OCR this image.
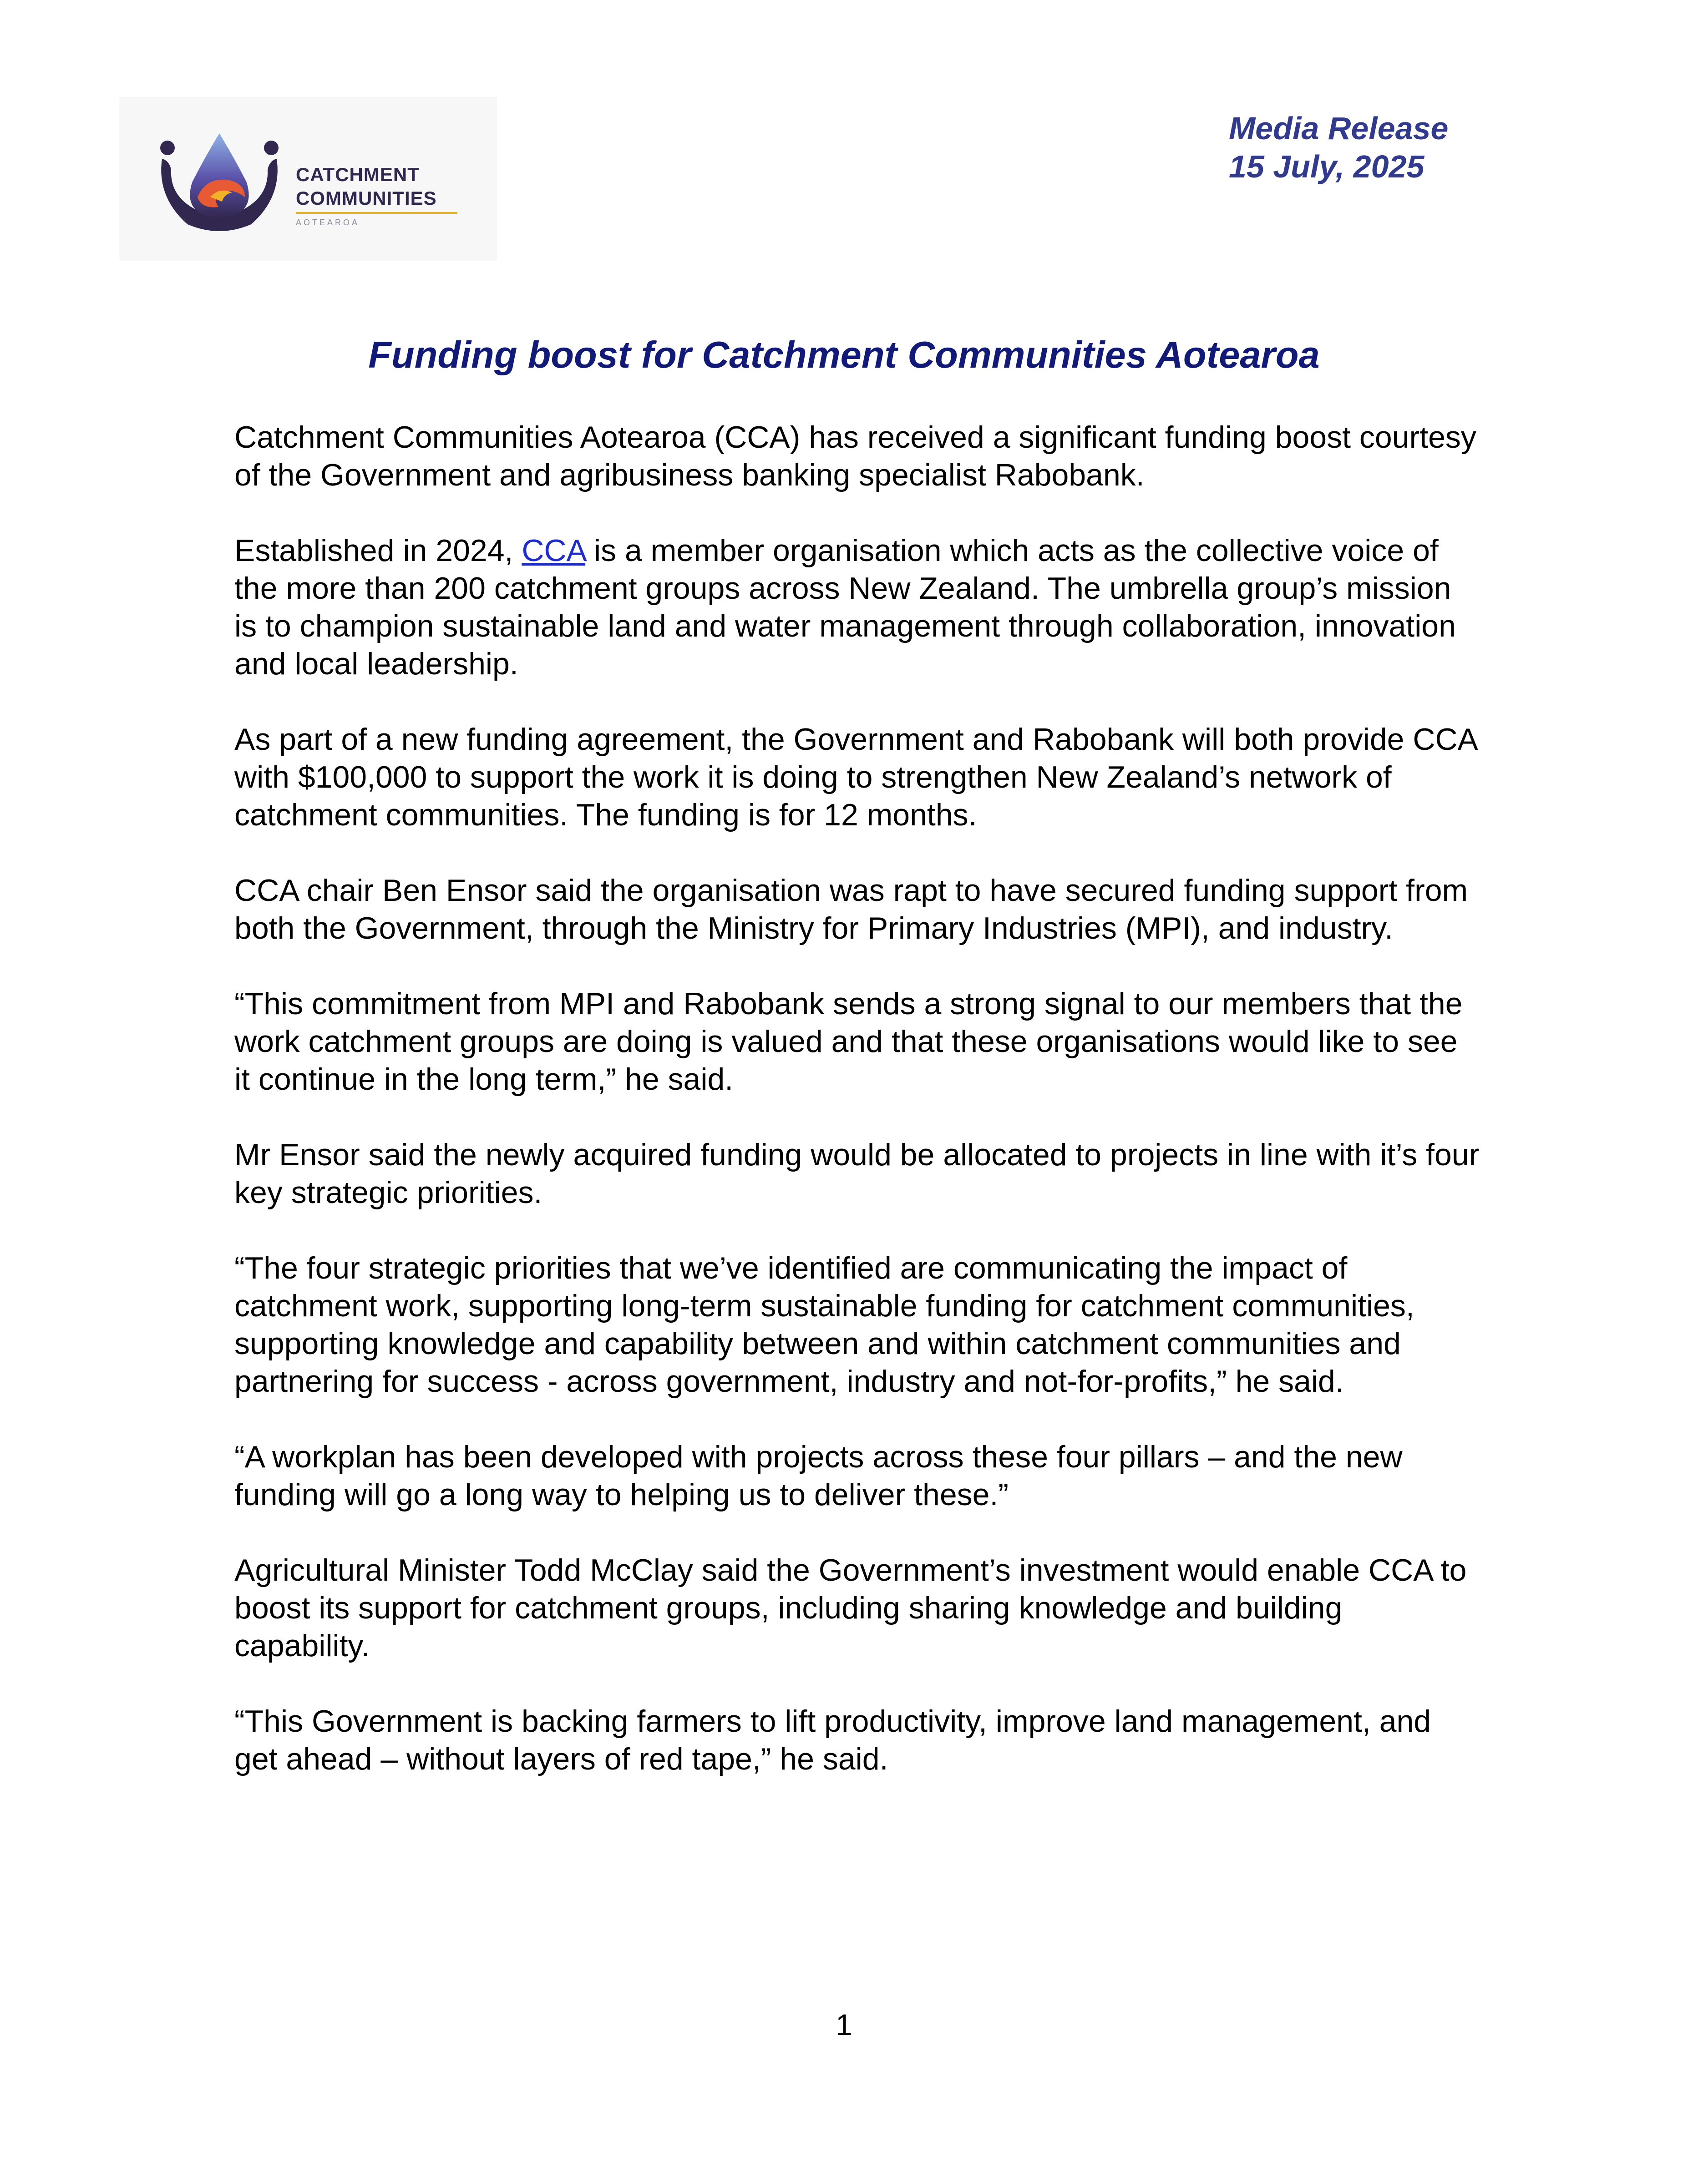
CATCHMENT
COMMUNITIES
AOTEAROA
Media Release
15 July, 2025
Funding boost for Catchment Communities Aotearoa

Catchment Communities Aotearoa (CCA) has received a significant funding boost courtesy of the Government and agribusiness banking specialist Rabobank.

Established in 2024, CCA is a member organisation which acts as the collective voice of the more than 200 catchment groups across New Zealand. The umbrella group’s mission is to champion sustainable land and water management through collaboration, innovation and local leadership.

As part of a new funding agreement, the Government and Rabobank will both provide CCA with $100,000 to support the work it is doing to strengthen New Zealand’s network of catchment communities. The funding is for 12 months.

CCA chair Ben Ensor said the organisation was rapt to have secured funding support from both the Government, through the Ministry for Primary Industries (MPI), and industry.

“This commitment from MPI and Rabobank sends a strong signal to our members that the work catchment groups are doing is valued and that these organisations would like to see it continue in the long term,” he said.

Mr Ensor said the newly acquired funding would be allocated to projects in line with it’s four key strategic priorities.

“The four strategic priorities that we’ve identified are communicating the impact of catchment work, supporting long-term sustainable funding for catchment communities, supporting knowledge and capability between and within catchment communities and partnering for success - across government, industry and not-for-profits,” he said.

“A workplan has been developed with projects across these four pillars – and the new funding will go a long way to helping us to deliver these.”

Agricultural Minister Todd McClay said the Government’s investment would enable CCA to boost its support for catchment groups, including sharing knowledge and building capability.

“This Government is backing farmers to lift productivity, improve land management, and get ahead – without layers of red tape,” he said.

1
